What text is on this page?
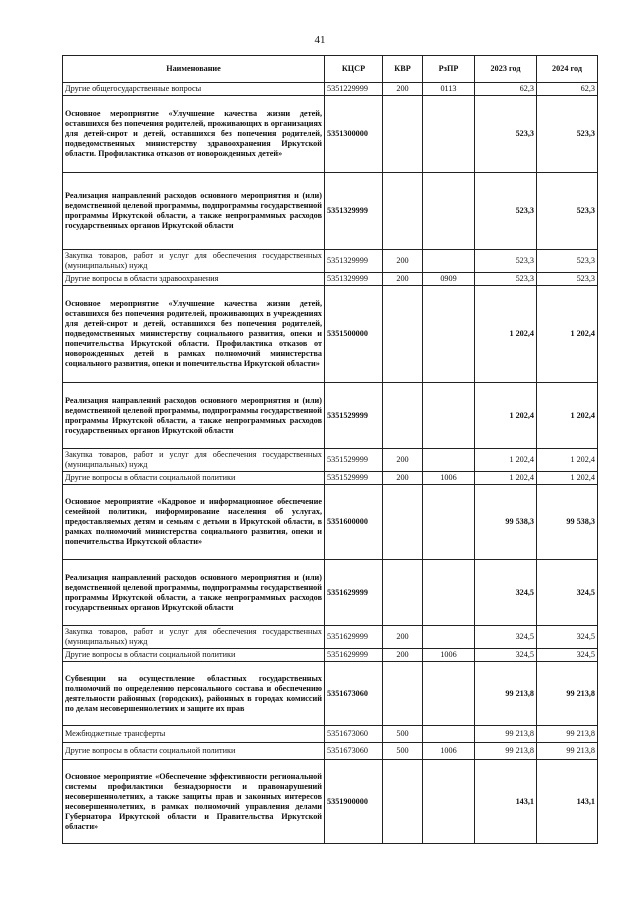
41
Наименование	КЦСР	КВР	РзПР	2023 год	2024 год
Другие общегосударственные вопросы	5351229999	200	0113	62,3	62,3
Основное мероприятие «Улучшение качества жизни детей, оставшихся без попечения родителей, проживающих в организациях для детей-сирот и детей, оставшихся без попечения родителей, подведомственных министерству здравоохранения Иркутской области. Профилактика отказов от новорожденных детей»	5351300000			523,3	523,3
Реализация направлений расходов основного мероприятия и (или) ведомственной целевой программы, подпрограммы государственной программы Иркутской области, а также непрограммных расходов государственных органов Иркутской области	5351329999			523,3	523,3
Закупка товаров, работ и услуг для обеспечения государственных (муниципальных) нужд	5351329999	200		523,3	523,3
Другие вопросы в области здравоохранения	5351329999	200	0909	523,3	523,3
Основное мероприятие «Улучшение качества жизни детей, оставшихся без попечения родителей, проживающих в учреждениях для детей-сирот и детей, оставшихся без попечения родителей, подведомственных министерству социального развития, опеки и попечительства Иркутской области. Профилактика отказов от новорожденных детей в рамках полномочий министерства социального развития, опеки и попечительства Иркутской области»	5351500000			1 202,4	1 202,4
Реализация направлений расходов основного мероприятия и (или) ведомственной целевой программы, подпрограммы государственной программы Иркутской области, а также непрограммных расходов государственных органов Иркутской области	5351529999			1 202,4	1 202,4
Закупка товаров, работ и услуг для обеспечения государственных (муниципальных) нужд	5351529999	200		1 202,4	1 202,4
Другие вопросы в области социальной политики	5351529999	200	1006	1 202,4	1 202,4
Основное мероприятие «Кадровое и информационное обеспечение семейной политики, информирование населения об услугах, предоставляемых детям и семьям с детьми в Иркутской области, в рамках полномочий министерства социального развития, опеки и попечительства Иркутской области»	5351600000			99 538,3	99 538,3
Реализация направлений расходов основного мероприятия и (или) ведомственной целевой программы, подпрограммы государственной программы Иркутской области, а также непрограммных расходов государственных органов Иркутской области	5351629999			324,5	324,5
Закупка товаров, работ и услуг для обеспечения государственных (муниципальных) нужд	5351629999	200		324,5	324,5
Другие вопросы в области социальной политики	5351629999	200	1006	324,5	324,5
Субвенции на осуществление областных государственных полномочий по определению персонального состава и обеспечению деятельности районных (городских), районных в городах комиссий по делам несовершеннолетних и защите их прав	5351673060			99 213,8	99 213,8
Межбюджетные трансферты	5351673060	500		99 213,8	99 213,8
Другие вопросы в области социальной политики	5351673060	500	1006	99 213,8	99 213,8
Основное мероприятие «Обеспечение эффективности региональной системы профилактики безнадзорности и правонарушений несовершеннолетних, а также защиты прав и законных интересов несовершеннолетних, в рамках полномочий управления делами Губернатора Иркутской области и Правительства Иркутской области»	5351900000			143,1	143,1
